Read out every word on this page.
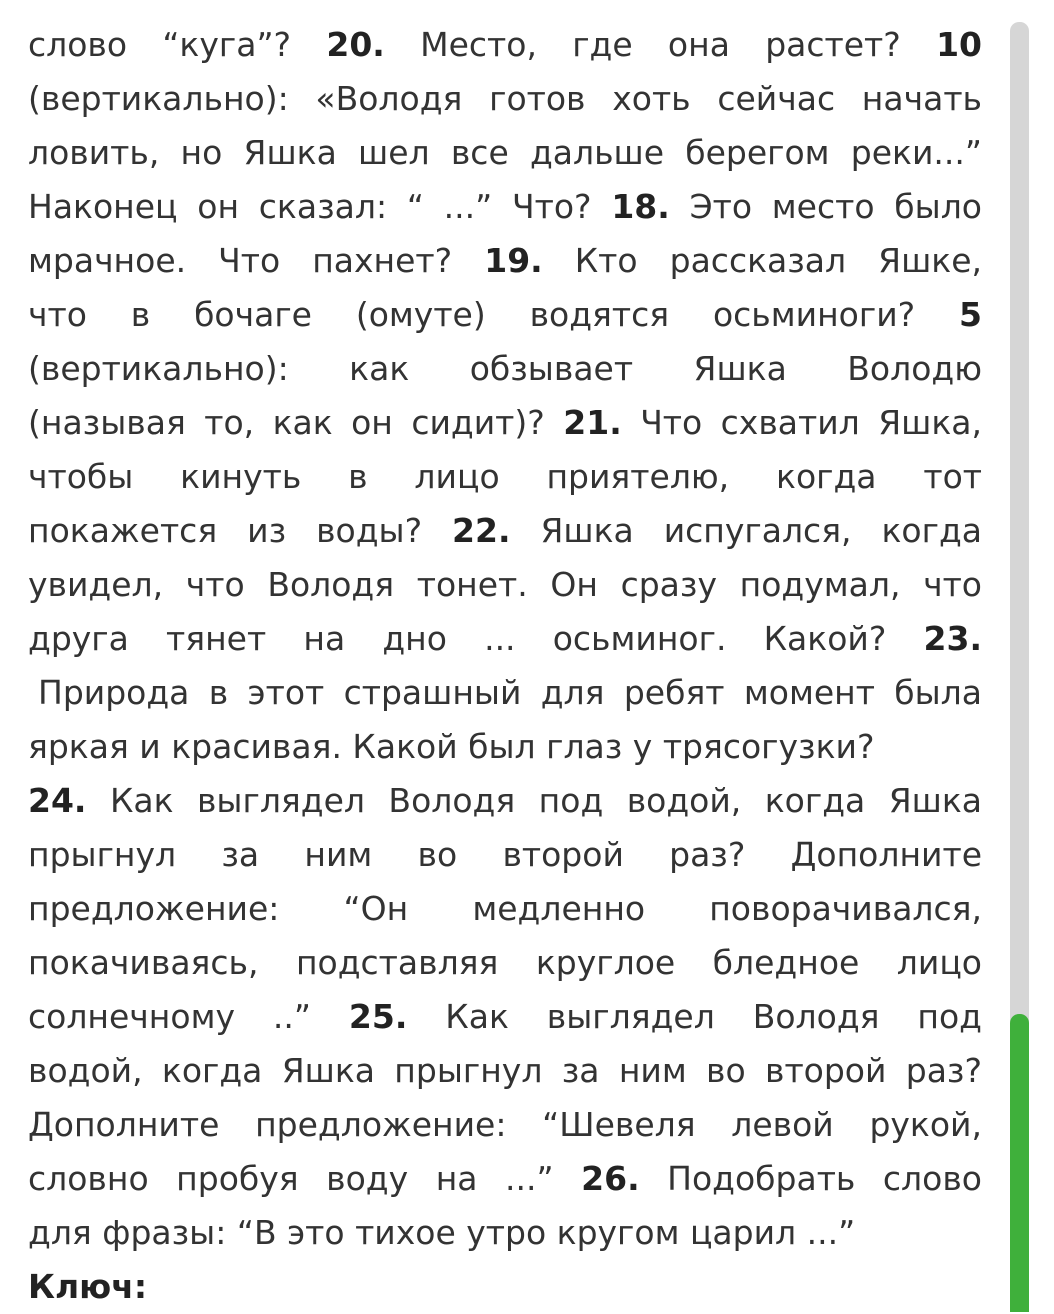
слово “куга”? 20. Место, где она растет? 10
(вертикально): «Володя готов хоть сейчас начать
ловить, но Яшка шел все дальше берегом реки...”
Наконец он сказал: “ ...” Что? 18. Это место было
мрачное. Что пахнет? 19. Кто рассказал Яшке,
что в бочаге (омуте) водятся осьминоги? 5
(вертикально): как обзывает Яшка Володю
(называя то, как он сидит)? 21. Что схватил Яшка,
чтобы кинуть в лицо приятелю, когда тот
покажется из воды? 22. Яшка испугался, когда
увидел, что Володя тонет. Он сразу подумал, что
друга тянет на дно ... осьминог. Какой? 23.
Природа в этот страшный для ребят момент была
яркая и красивая. Какой был глаз у трясогузки?
24. Как выглядел Володя под водой, когда Яшка
прыгнул за ним во второй раз? Дополните
предложение: “Он медленно поворачивался,
покачиваясь, подставляя круглое бледное лицо
солнечному ..” 25. Как выглядел Володя под
водой, когда Яшка прыгнул за ним во второй раз?
Дополните предложение: “Шевеля левой рукой,
словно пробуя воду на ...” 26. Подобрать слово
для фразы: “В это тихое утро кругом царил ...”
Ключ:
